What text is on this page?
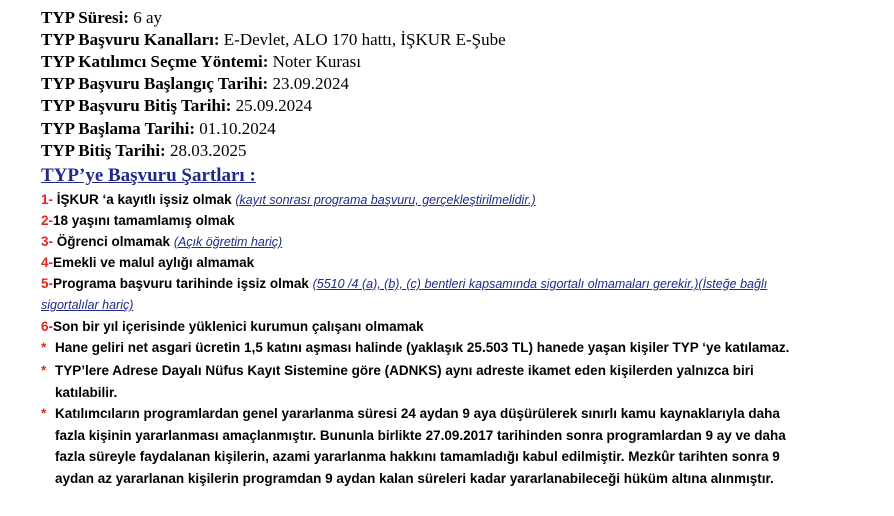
TYP Süresi: 6 ay
TYP Başvuru Kanalları: E-Devlet, ALO 170 hattı, İŞKUR E-Şube
TYP Katılımcı Seçme Yöntemi: Noter Kurası
TYP Başvuru Başlangıç Tarihi: 23.09.2024
TYP Başvuru Bitiş Tarihi: 25.09.2024
TYP Başlama Tarihi: 01.10.2024
TYP Bitiş Tarihi: 28.03.2025
TYP’ye Başvuru Şartları :
1- İŞKUR ‘a kayıtlı işsiz olmak (kayıt sonrası programa başvuru, gerçekleştirilmelidir.)
2-18 yaşını tamamlamış olmak
3- Öğrenci olmamak (Açık öğretim hariç)
4-Emekli ve malul aylığı almamak
5-Programa başvuru tarihinde işsiz olmak (5510 /4 (a), (b), (c) bentleri kapsamında sigortalı olmamaları gerekir.)(İsteğe bağlı
sigortalılar hariç)
6-Son bir yıl içerisinde yüklenici kurumun çalışanı olmamak
* Hane geliri net asgari ücretin 1,5 katını aşması halinde (yaklaşık 25.503 TL) hanede yaşan kişiler TYP ‘ye katılamaz.
* TYP’lere Adrese Dayalı Nüfus Kayıt Sistemine göre (ADNKS) aynı adreste ikamet eden kişilerden yalnızca biri
katılabilir.
* Katılımcıların programlardan genel yararlanma süresi 24 aydan 9 aya düşürülerek sınırlı kamu kaynaklarıyla daha
fazla kişinin yararlanması amaçlanmıştır. Bununla birlikte 27.09.2017 tarihinden sonra programlardan 9 ay ve daha
fazla süreyle faydalanan kişilerin, azami yararlanma hakkını tamamladığı kabul edilmiştir. Mezkûr tarihten sonra 9
aydan az yararlanan kişilerin programdan 9 aydan kalan süreleri kadar yararlanabileceği hüküm altına alınmıştır.
